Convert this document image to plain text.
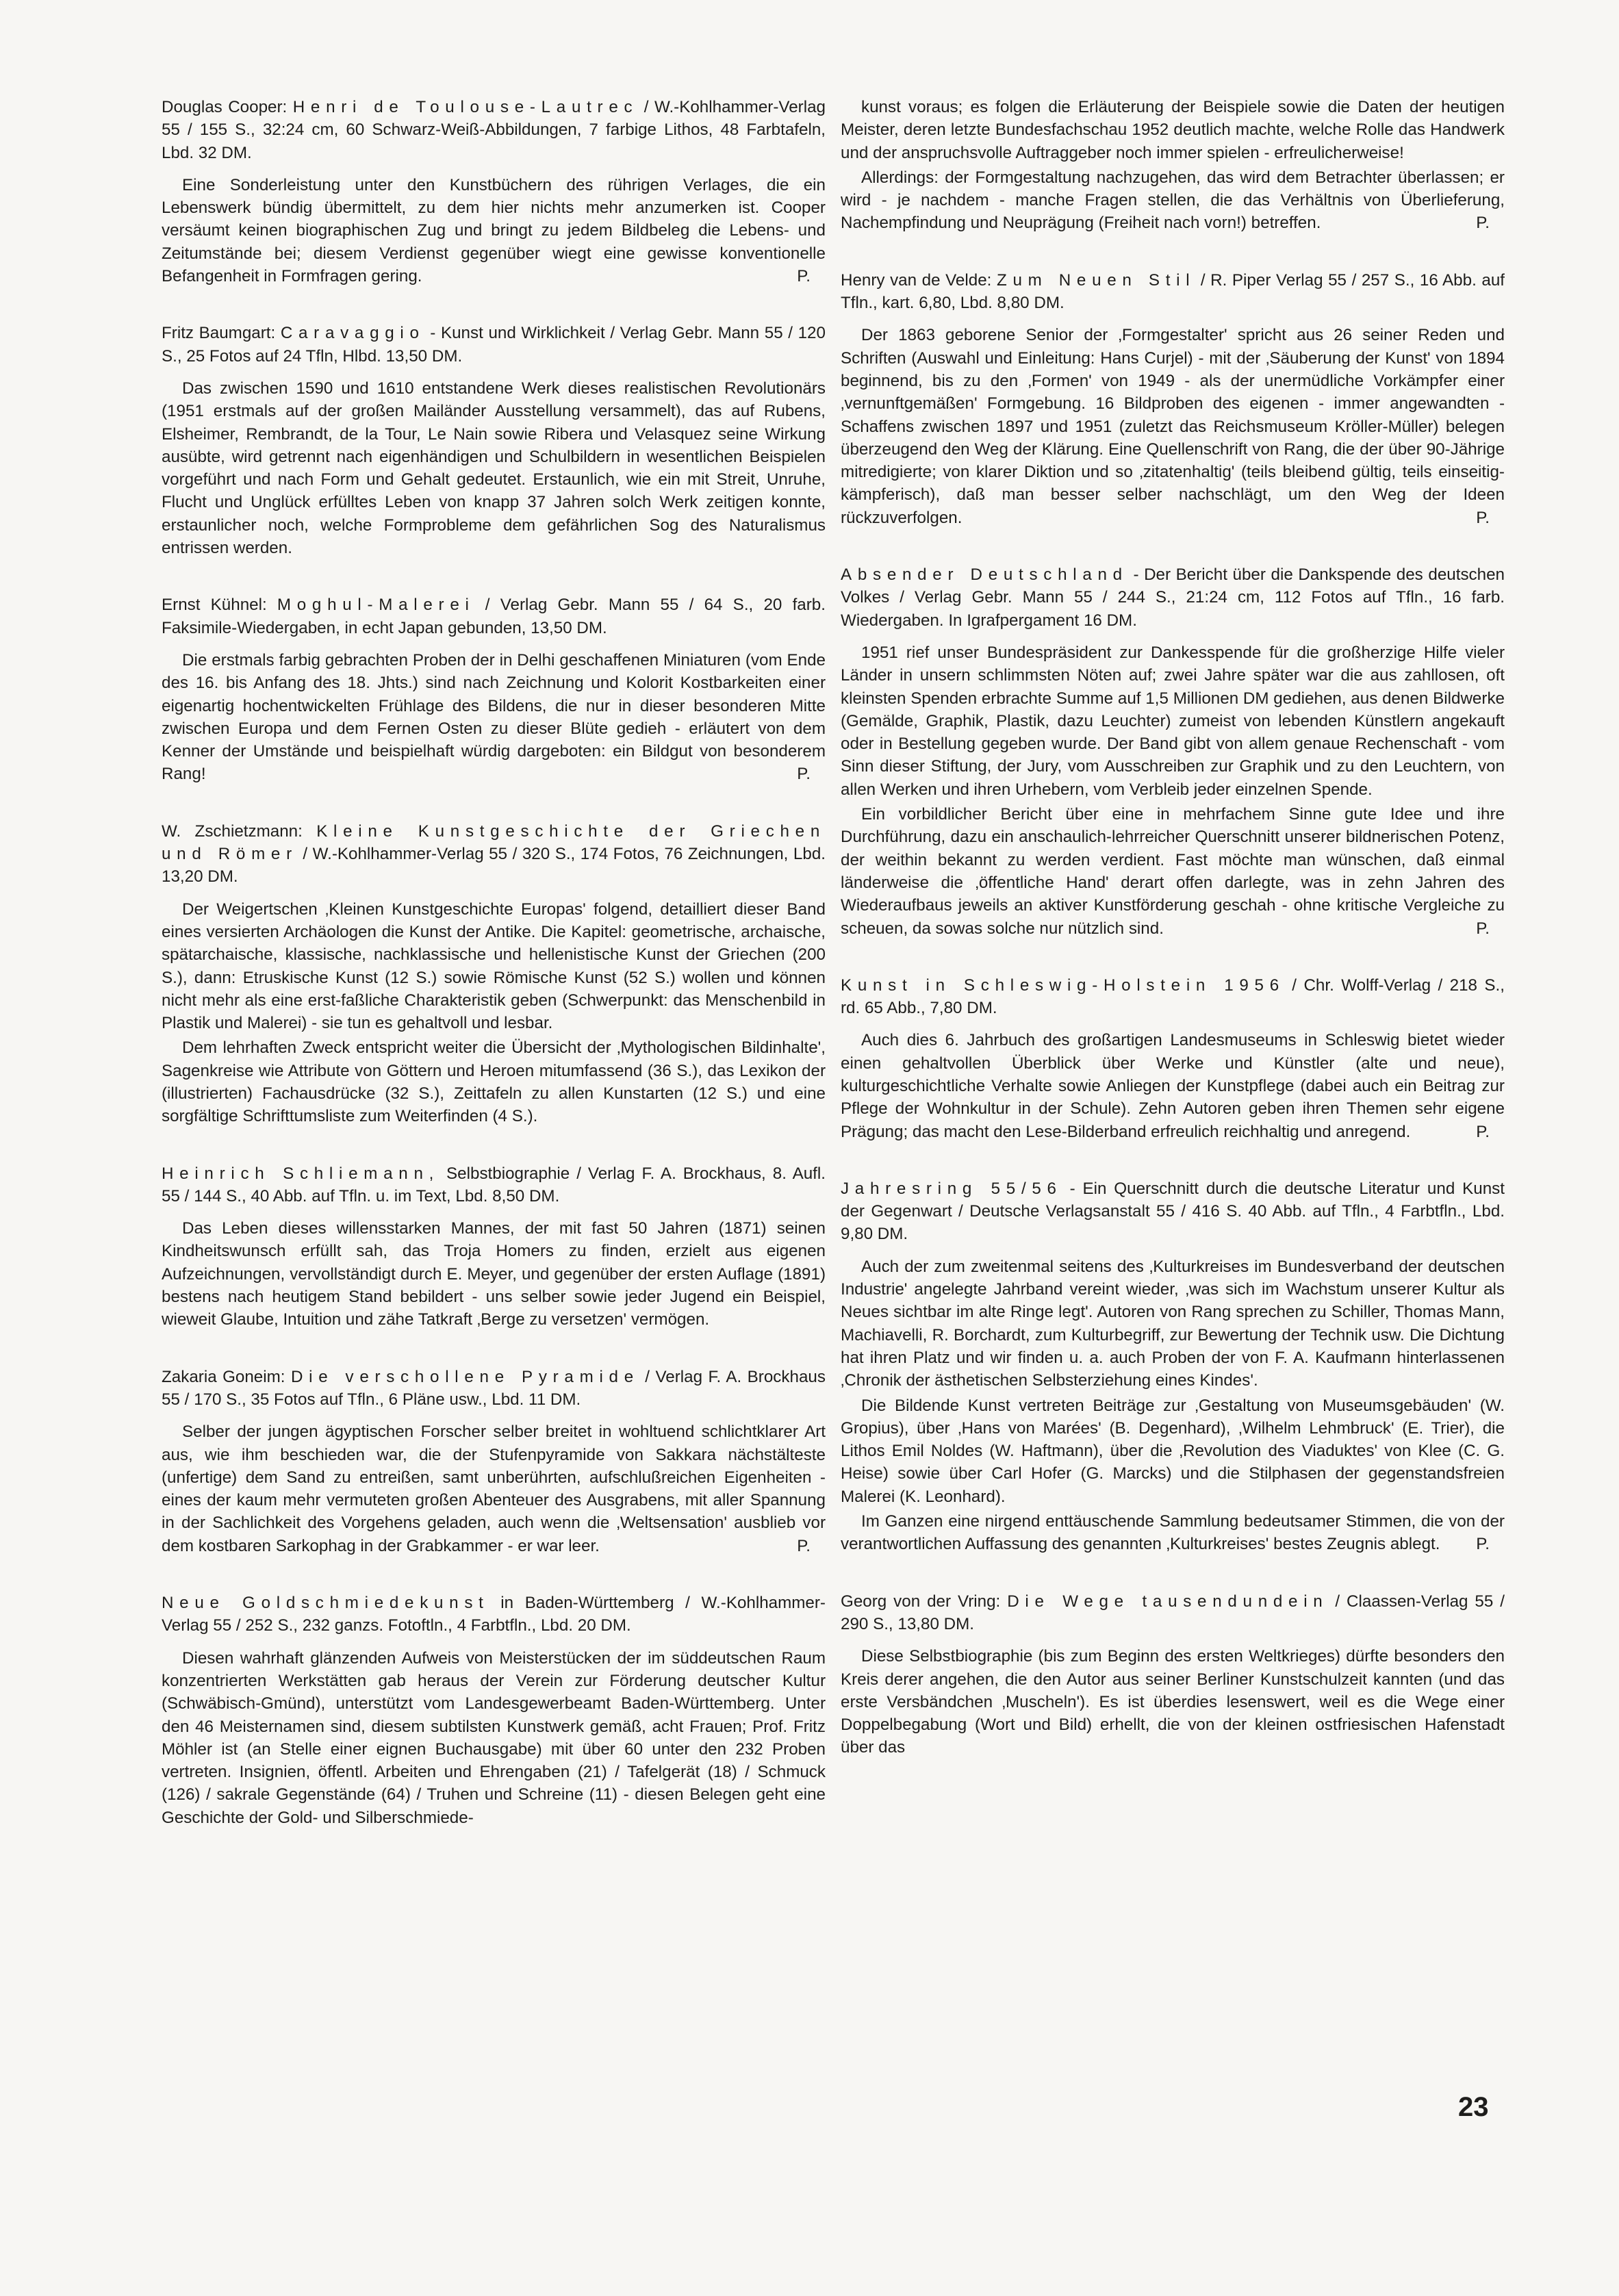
Douglas Cooper: Henri de Toulouse-Lautrec / W.-Kohlhammer-Verlag 55 / 155 S., 32:24 cm, 60 Schwarz-Weiß-Abbildungen, 7 farbige Lithos, 48 Farbtafeln, Lbd. 32 DM.

Eine Sonderleistung unter den Kunstbüchern des rührigen Verlages, die ein Lebenswerk bündig übermittelt, zu dem hier nichts mehr anzumerken ist. Cooper versäumt keinen biographischen Zug und bringt zu jedem Bildbeleg die Lebens- und Zeitumstände bei; diesem Verdienst gegenüber wiegt eine gewisse konventionelle Befangenheit in Formfragen gering.	P.

Fritz Baumgart: Caravaggio - Kunst und Wirklichkeit / Verlag Gebr. Mann 55 / 120 S., 25 Fotos auf 24 Tfln, Hlbd. 13,50 DM.

Das zwischen 1590 und 1610 entstandene Werk dieses realistischen Revolutionärs (1951 erstmals auf der großen Mailänder Ausstellung versammelt), das auf Rubens, Elsheimer, Rembrandt, de la Tour, Le Nain sowie Ribera und Velasquez seine Wirkung ausübte, wird getrennt nach eigenhändigen und Schulbildern in wesentlichen Beispielen vorgeführt und nach Form und Gehalt gedeutet. Erstaunlich, wie ein mit Streit, Unruhe, Flucht und Unglück erfülltes Leben von knapp 37 Jahren solch Werk zeitigen konnte, erstaunlicher noch, welche Formprobleme dem gefährlichen Sog des Naturalismus entrissen werden.

Ernst Kühnel: Moghul-Malerei / Verlag Gebr. Mann 55 / 64 S., 20 farb. Faksimile-Wiedergaben, in echt Japan gebunden, 13,50 DM.

Die erstmals farbig gebrachten Proben der in Delhi geschaffenen Miniaturen (vom Ende des 16. bis Anfang des 18. Jhts.) sind nach Zeichnung und Kolorit Kostbarkeiten einer eigenartig hochentwickelten Frühlage des Bildens, die nur in dieser besonderen Mitte zwischen Europa und dem Fernen Osten zu dieser Blüte gedieh - erläutert von dem Kenner der Umstände und beispielhaft würdig dargeboten: ein Bildgut von besonderem Rang!	P.

W. Zschietzmann: Kleine Kunstgeschichte der Griechen und Römer / W.-Kohlhammer-Verlag 55 / 320 S., 174 Fotos, 76 Zeichnungen, Lbd. 13,20 DM.

Der Weigertschen ‚Kleinen Kunstgeschichte Europas' folgend, detailliert dieser Band eines versierten Archäologen die Kunst der Antike. Die Kapitel: geometrische, archaische, spätarchaische, klassische, nachklassische und hellenistische Kunst der Griechen (200 S.), dann: Etruskische Kunst (12 S.) sowie Römische Kunst (52 S.) wollen und können nicht mehr als eine erst-faßliche Charakteristik geben (Schwerpunkt: das Menschenbild in Plastik und Malerei) - sie tun es gehaltvoll und lesbar.

Dem lehrhaften Zweck entspricht weiter die Übersicht der ‚Mythologischen Bildinhalte', Sagenkreise wie Attribute von Göttern und Heroen mitumfassend (36 S.), das Lexikon der (illustrierten) Fachausdrücke (32 S.), Zeittafeln zu allen Kunstarten (12 S.) und eine sorgfältige Schrifttumsliste zum Weiterfinden (4 S.).

Heinrich Schliemann, Selbstbiographie / Verlag F. A. Brockhaus, 8. Aufl. 55 / 144 S., 40 Abb. auf Tfln. u. im Text, Lbd. 8,50 DM.

Das Leben dieses willensstarken Mannes, der mit fast 50 Jahren (1871) seinen Kindheitswunsch erfüllt sah, das Troja Homers zu finden, erzielt aus eigenen Aufzeichnungen, vervollständigt durch E. Meyer, und gegenüber der ersten Auflage (1891) bestens nach heutigem Stand bebildert - uns selber sowie jeder Jugend ein Beispiel, wieweit Glaube, Intuition und zähe Tatkraft ‚Berge zu versetzen' vermögen.

Zakaria Goneim: Die verschollene Pyramide / Verlag F. A. Brockhaus 55 / 170 S., 35 Fotos auf Tfln., 6 Pläne usw., Lbd. 11 DM.

Selber der jungen ägyptischen Forscher selber breitet in wohltuend schlichtklarer Art aus, wie ihm beschieden war, die der Stufenpyramide von Sakkara nächstälteste (unfertige) dem Sand zu entreißen, samt unberührten, aufschlußreichen Eigenheiten - eines der kaum mehr vermuteten großen Abenteuer des Ausgrabens, mit aller Spannung in der Sachlichkeit des Vorgehens geladen, auch wenn die ‚Weltsensation' ausblieb vor dem kostbaren Sarkophag in der Grabkammer - er war leer.	P.

Neue Goldschmiedekunst in Baden-Württemberg / W.-Kohlhammer-Verlag 55 / 252 S., 232 ganzs. Fotoftln., 4 Farbtfln., Lbd. 20 DM.

Diesen wahrhaft glänzenden Aufweis von Meisterstücken der im süddeutschen Raum konzentrierten Werkstätten gab heraus der Verein zur Förderung deutscher Kultur (Schwäbisch-Gmünd), unterstützt vom Landesgewerbeamt Baden-Württemberg. Unter den 46 Meisternamen sind, diesem subtilsten Kunstwerk gemäß, acht Frauen; Prof. Fritz Möhler ist (an Stelle einer eignen Buchausgabe) mit über 60 unter den 232 Proben vertreten. Insignien, öffentl. Arbeiten und Ehrengaben (21) / Tafelgerät (18) / Schmuck (126) / sakrale Gegenstände (64) / Truhen und Schreine (11) - diesen Belegen geht eine Geschichte der Gold- und Silberschmiede-

kunst voraus; es folgen die Erläuterung der Beispiele sowie die Daten der heutigen Meister, deren letzte Bundesfachschau 1952 deutlich machte, welche Rolle das Handwerk und der anspruchsvolle Auftraggeber noch immer spielen - erfreulicherweise!

Allerdings: der Formgestaltung nachzugehen, das wird dem Betrachter überlassen; er wird - je nachdem - manche Fragen stellen, die das Verhältnis von Überlieferung, Nachempfindung und Neuprägung (Freiheit nach vorn!) betreffen.	P.

Henry van de Velde: Zum Neuen Stil / R. Piper Verlag 55 / 257 S., 16 Abb. auf Tfln., kart. 6,80, Lbd. 8,80 DM.

Der 1863 geborene Senior der ‚Formgestalter' spricht aus 26 seiner Reden und Schriften (Auswahl und Einleitung: Hans Curjel) - mit der ‚Säuberung der Kunst' von 1894 beginnend, bis zu den ‚Formen' von 1949 - als der unermüdliche Vorkämpfer einer ‚vernunftgemäßen' Formgebung. 16 Bildproben des eigenen - immer angewandten - Schaffens zwischen 1897 und 1951 (zuletzt das Reichsmuseum Kröller-Müller) belegen überzeugend den Weg der Klärung. Eine Quellenschrift von Rang, die der über 90-Jährige mitredigierte; von klarer Diktion und so ‚zitatenhaltig' (teils bleibend gültig, teils einseitig-kämpferisch), daß man besser selber nachschlägt, um den Weg der Ideen rückzuverfolgen.	P.

Absender Deutschland - Der Bericht über die Dankspende des deutschen Volkes / Verlag Gebr. Mann 55 / 244 S., 21:24 cm, 112 Fotos auf Tfln., 16 farb. Wiedergaben. In Igrafpergament 16 DM.

1951 rief unser Bundespräsident zur Dankesspende für die großherzige Hilfe vieler Länder in unsern schlimmsten Nöten auf; zwei Jahre später war die aus zahllosen, oft kleinsten Spenden erbrachte Summe auf 1,5 Millionen DM gediehen, aus denen Bildwerke (Gemälde, Graphik, Plastik, dazu Leuchter) zumeist von lebenden Künstlern angekauft oder in Bestellung gegeben wurde. Der Band gibt von allem genaue Rechenschaft - vom Sinn dieser Stiftung, der Jury, vom Ausschreiben zur Graphik und zu den Leuchtern, von allen Werken und ihren Urhebern, vom Verbleib jeder einzelnen Spende.

Ein vorbildlicher Bericht über eine in mehrfachem Sinne gute Idee und ihre Durchführung, dazu ein anschaulich-lehrreicher Querschnitt unserer bildnerischen Potenz, der weithin bekannt zu werden verdient. Fast möchte man wünschen, daß einmal länderweise die ‚öffentliche Hand' derart offen darlegte, was in zehn Jahren des Wiederaufbaus jeweils an aktiver Kunstförderung geschah - ohne kritische Vergleiche zu scheuen, da sowas solche nur nützlich sind.	P.

Kunst in Schleswig-Holstein 1956 / Chr. Wolff-Verlag / 218 S., rd. 65 Abb., 7,80 DM.

Auch dies 6. Jahrbuch des großartigen Landesmuseums in Schleswig bietet wieder einen gehaltvollen Überblick über Werke und Künstler (alte und neue), kulturgeschichtliche Verhalte sowie Anliegen der Kunstpflege (dabei auch ein Beitrag zur Pflege der Wohnkultur in der Schule). Zehn Autoren geben ihren Themen sehr eigene Prägung; das macht den Lese-Bilderband erfreulich reichhaltig und anregend.	P.

Jahresring 55/56 - Ein Querschnitt durch die deutsche Literatur und Kunst der Gegenwart / Deutsche Verlagsanstalt 55 / 416 S. 40 Abb. auf Tfln., 4 Farbtfln., Lbd. 9,80 DM.

Auch der zum zweitenmal seitens des ‚Kulturkreises im Bundesverband der deutschen Industrie' angelegte Jahrband vereint wieder, ‚was sich im Wachstum unserer Kultur als Neues sichtbar im alte Ringe legt'. Autoren von Rang sprechen zu Schiller, Thomas Mann, Machiavelli, R. Borchardt, zum Kulturbegriff, zur Bewertung der Technik usw. Die Dichtung hat ihren Platz und wir finden u. a. auch Proben der von F. A. Kaufmann hinterlassenen ‚Chronik der ästhetischen Selbsterziehung eines Kindes'.

Die Bildende Kunst vertreten Beiträge zur ‚Gestaltung von Museumsgebäuden' (W. Gropius), über ‚Hans von Marées' (B. Degenhard), ‚Wilhelm Lehmbruck' (E. Trier), die Lithos Emil Noldes (W. Haftmann), über die ‚Revolution des Viaduktes' von Klee (C. G. Heise) sowie über Carl Hofer (G. Marcks) und die Stilphasen der gegenstandsfreien Malerei (K. Leonhard).

Im Ganzen eine nirgend enttäuschende Sammlung bedeutsamer Stimmen, die von der verantwortlichen Auffassung des genannten ‚Kulturkreises' bestes Zeugnis ablegt. P.

Georg von der Vring: Die Wege tausendundein / Claassen-Verlag 55 / 290 S., 13,80 DM.

Diese Selbstbiographie (bis zum Beginn des ersten Weltkrieges) dürfte besonders den Kreis derer angehen, die den Autor aus seiner Berliner Kunstschulzeit kannten (und das erste Versbändchen ‚Muscheln'). Es ist überdies lesenswert, weil es die Wege einer Doppelbegabung (Wort und Bild) erhellt, die von der kleinen ostfriesischen Hafenstadt über das

23
